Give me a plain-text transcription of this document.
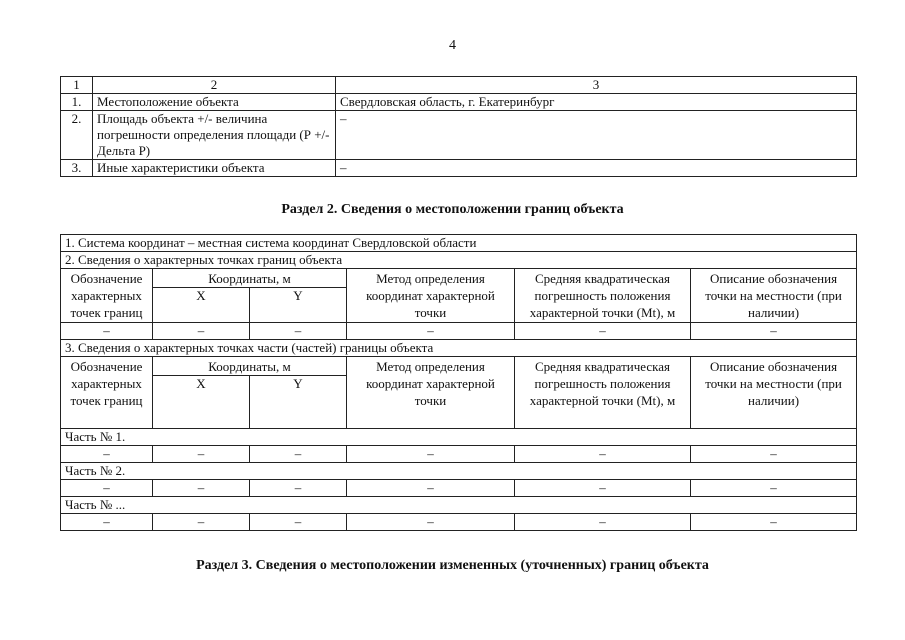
4
1	2	3
1.	Местоположение объекта	Свердловская область, г. Екатеринбург
2.	Площадь объекта +/- величина погрешности определения площади (Р +/- Дельта Р)	–
3.	Иные характеристики объекта	–
Раздел 2. Сведения о местоположении границ объекта
1. Система координат – местная система координат Свердловской области					
2. Сведения о характерных точках границ объекта					
Обозначение характерных точек границ	Координаты, м		Метод определения координат характерной точки	Средняя квадратическая погрешность положения характерной точки (Mt), м	Описание обозначения точки на местности (при наличии)
	X	Y			
–	–	–	–	–	–
3. Сведения о характерных точках части (частей) границы объекта					
Обозначение характерных точек границ	Координаты, м		Метод определения координат характерной точки	Средняя квадратическая погрешность положения характерной точки (Mt), м	Описание обозначения точки на местности (при наличии)
	X	Y			
Часть № 1.					
–	–	–	–	–	–
Часть № 2.					
–	–	–	–	–	–
Часть № ...					
–	–	–	–	–	–
Раздел 3. Сведения о местоположении измененных (уточненных) границ объекта
